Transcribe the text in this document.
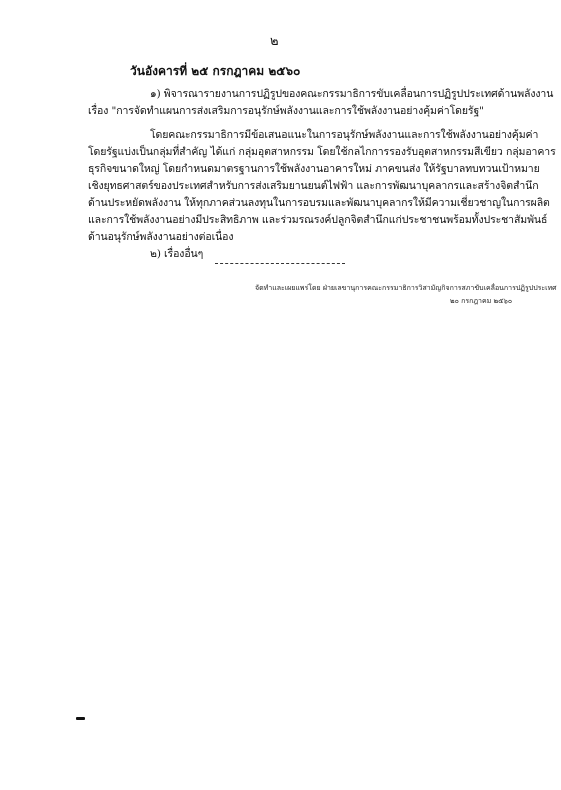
๒
วันอังคารที่ ๒๕ กรกฎาคม ๒๕๖๐
๑) พิจารณารายงานการปฏิรูปของคณะกรรมาธิการขับเคลื่อนการปฏิรูปประเทศด้านพลังงาน
เรื่อง "การจัดทำแผนการส่งเสริมการอนุรักษ์พลังงานและการใช้พลังงานอย่างคุ้มค่าโดยรัฐ"
โดยคณะกรรมาธิการมีข้อเสนอแนะในการอนุรักษ์พลังงานและการใช้พลังงานอย่างคุ้มค่า
โดยรัฐแบ่งเป็นกลุ่มที่สำคัญ ได้แก่ กลุ่มอุตสาหกรรม โดยใช้กลไกการรองรับอุตสาหกรรมสีเขียว กลุ่มอาคาร
ธุรกิจขนาดใหญ่ โดยกำหนดมาตรฐานการใช้พลังงานอาคารใหม่ ภาคขนส่ง ให้รัฐบาลทบทวนเป้าหมาย
เชิงยุทธศาสตร์ของประเทศสำหรับการส่งเสริมยานยนต์ไฟฟ้า และการพัฒนาบุคลากรและสร้างจิตสำนึก
ด้านประหยัดพลังงาน ให้ทุกภาคส่วนลงทุนในการอบรมและพัฒนาบุคลากรให้มีความเชี่ยวชาญในการผลิต
และการใช้พลังงานอย่างมีประสิทธิภาพ และร่วมรณรงค์ปลูกจิตสำนึกแก่ประชาชนพร้อมทั้งประชาสัมพันธ์
ด้านอนุรักษ์พลังงานอย่างต่อเนื่อง
๒) เรื่องอื่นๆ
จัดทำและเผยแพร่โดย ฝ่ายเลขานุการคณะกรรมาธิการวิสามัญกิจการสภาขับเคลื่อนการปฏิรูปประเทศ
๒๐ กรกฎาคม ๒๕๖๐
